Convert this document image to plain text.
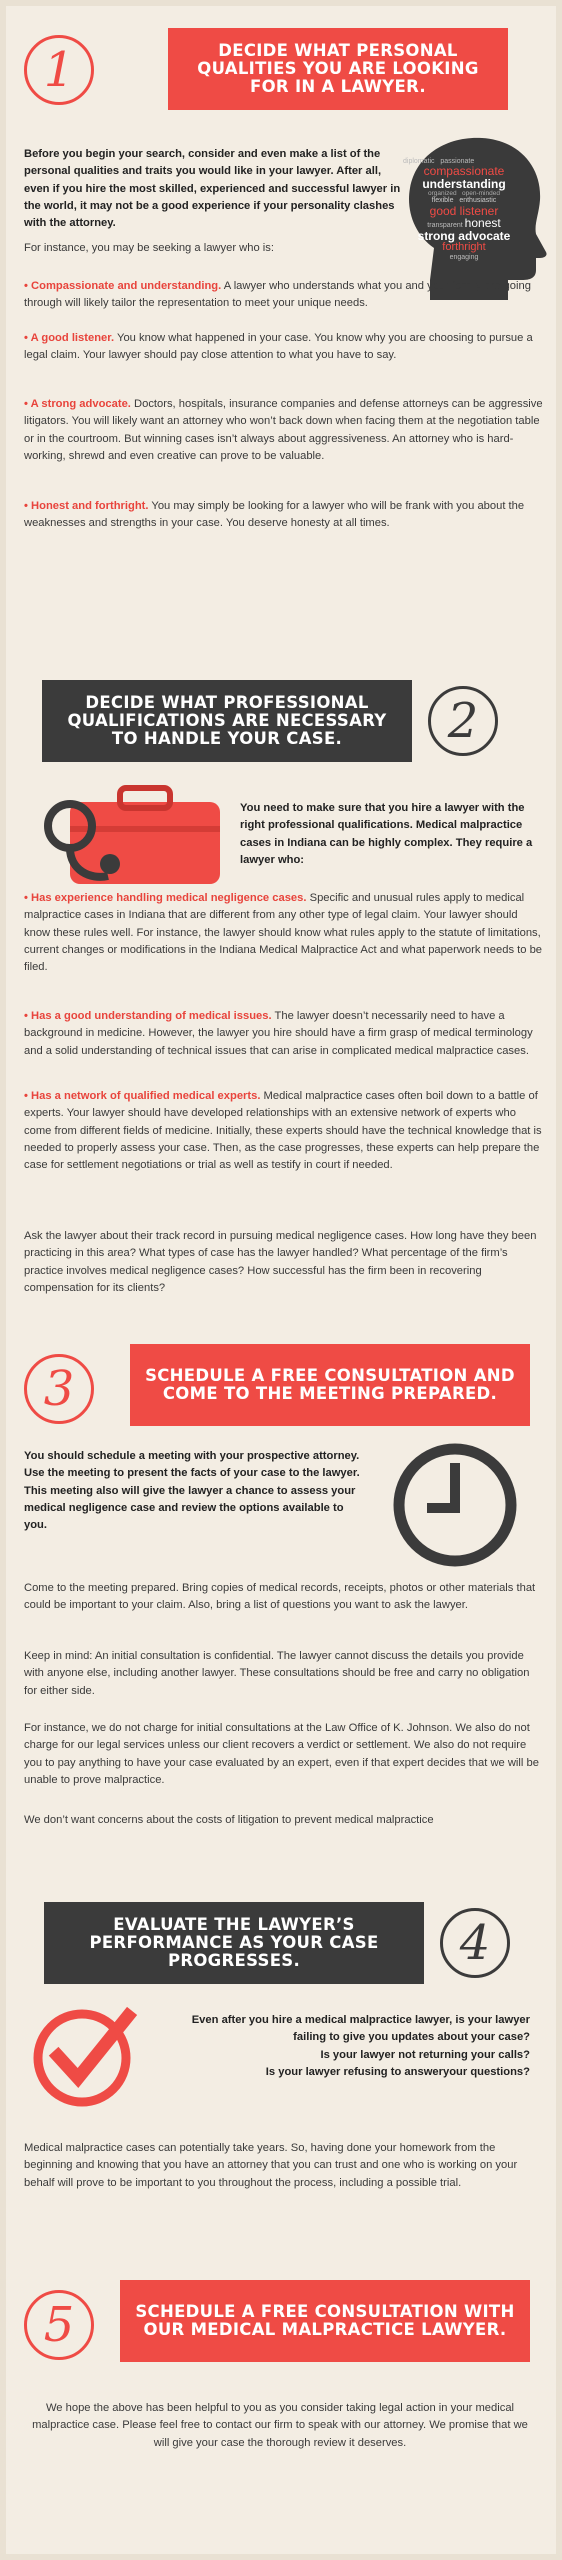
1	DECIDE WHAT PERSONAL QUALITIES YOU ARE LOOKING FOR IN A LAWYER.
Before you begin your search, consider and even make a list of the personal qualities and traits you would like in your lawyer. After all, even if you hire the most skilled, experienced and successful lawyer in the world, it may not be a good experience if your personality clashes with the attorney.
diplomatic passionate
compassionate
understanding
organized open-minded
flexible enthusiastic
good listener
transparent honest
strong advocate
forthright
engaging
For instance, you may be seeking a lawyer who is:
• Compassionate and understanding. A lawyer who understands what you and your family are going through will likely tailor the representation to meet your unique needs.
• A good listener. You know what happened in your case. You know why you are choosing to pursue a legal claim. Your lawyer should pay close attention to what you have to say.
• A strong advocate. Doctors, hospitals, insurance companies and defense attorneys can be aggressive litigators. You will likely want an attorney who won’t back down when facing them at the negotiation table or in the courtroom. But winning cases isn’t always about aggressiveness. An attorney who is hard-working, shrewd and even creative can prove to be valuable.
• Honest and forthright. You may simply be looking for a lawyer who will be frank with you about the weaknesses and strengths in your case. You deserve honesty at all times.
DECIDE WHAT PROFESSIONAL QUALIFICATIONS ARE NECESSARY TO HANDLE YOUR CASE.	2
You need to make sure that you hire a lawyer with the right professional qualifications. Medical malpractice cases in Indiana can be highly complex. They require a lawyer who:
• Has experience handling medical negligence cases. Specific and unusual rules apply to medical malpractice cases in Indiana that are different from any other type of legal claim. Your lawyer should know these rules well. For instance, the lawyer should know what rules apply to the statute of limitations, current changes or modifications in the Indiana Medical Malpractice Act and what paperwork needs to be filed.
• Has a good understanding of medical issues. The lawyer doesn’t necessarily need to have a background in medicine. However, the lawyer you hire should have a firm grasp of medical terminology and a solid understanding of technical issues that can arise in complicated medical malpractice cases.
• Has a network of qualified medical experts. Medical malpractice cases often boil down to a battle of experts. Your lawyer should have developed relationships with an extensive network of experts who come from different fields of medicine. Initially, these experts should have the technical knowledge that is needed to properly assess your case. Then, as the case progresses, these experts can help prepare the case for settlement negotiations or trial as well as testify in court if needed.
Ask the lawyer about their track record in pursuing medical negligence cases. How long have they been practicing in this area? What types of case has the lawyer handled? What percentage of the firm’s practice involves medical negligence cases? How successful has the firm been in recovering compensation for its clients?
3	SCHEDULE A FREE CONSULTATION AND COME TO THE MEETING PREPARED.
You should schedule a meeting with your prospective attorney. Use the meeting to present the facts of your case to the lawyer. This meeting also will give the lawyer a chance to assess your medical negligence case and review the options available to you.
Come to the meeting prepared. Bring copies of medical records, receipts, photos or other materials that could be important to your claim. Also, bring a list of questions you want to ask the lawyer.
Keep in mind: An initial consultation is confidential. The lawyer cannot discuss the details you provide with anyone else, including another lawyer. These consultations should be free and carry no obligation for either side.
For instance, we do not charge for initial consultations at the Law Office of K. Johnson. We also do not charge for our legal services unless our client recovers a verdict or settlement. We also do not require you to pay anything to have your case evaluated by an expert, even if that expert decides that we will be unable to prove malpractice.
We don’t want concerns about the costs of litigation to prevent medical malpractice
EVALUATE THE LAWYER’S PERFORMANCE AS YOUR CASE PROGRESSES.	4

Even after you hire a medical malpractice lawyer, is your lawyer failing to give you updates about your case?

Is your lawyer not returning your calls?

Is your lawyer refusing to answeryour questions?

Medical malpractice cases can potentially take years. So, having done your homework from the beginning and knowing that you have an attorney that you can trust and one who is working on your behalf will prove to be important to you throughout the process, including a possible trial.
5	SCHEDULE A FREE CONSULTATION WITH OUR MEDICAL MALPRACTICE LAWYER.
We hope the above has been helpful to you as you consider taking legal action in your medical malpractice case. Please feel free to contact our firm to speak with our attorney. We promise that we will give your case the thorough review it deserves.
